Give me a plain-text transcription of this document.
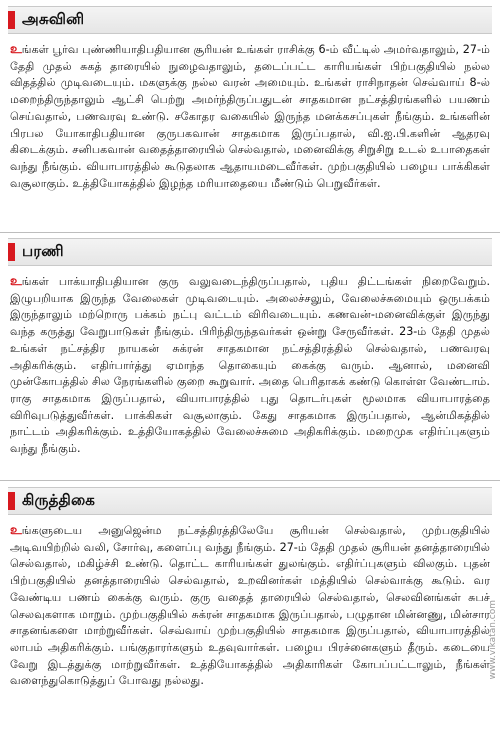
அசுவினி
உங்கள் பூர்வ புண்ணியாதிபதியான சூரியன் உங்கள் ராசிக்கு 6-ம் வீட்டில் அமர்வதாலும், 27-ம் தேதி முதல் சுகத் தாரையில் நுழைவதாலும், தடைப்பட்ட காரியங்கள் பிற்பகுதியில் நல்ல விதத்தில் முடிவடையும். மகளுக்கு நல்ல வரன் அமையும். உங்கள் ராசிநாதன் செவ்வாய் 8-ல் மறைந்திருந்தாலும் ஆட்சி பெற்று அமர்ந்திருப்பதுடன் சாதகமான நட்சத்திரங்களில் பயணம் செய்வதால், பணவரவு உண்டு. சகோதர வகையில் இருந்த மனக்கசப்புகள் நீங்கும். உங்களின் பிரபல யோகாதிபதியான குருபகவான் சாதகமாக இருப்பதால், வி.ஐ.பி.களின் ஆதரவு கிடைக்கும். சனிபகவான் வதைத்தாரையில் செல்வதால், மனைவிக்கு சிறுசிறு உடல் உபாதைகள் வந்து நீங்கும். வியாபாரத்தில் கூடுதலாக ஆதாயமடைவீர்கள். முற்பகுதியில் பழைய பாக்கிகள் வசூலாகும். உத்தியோகத்தில் இழந்த மரியாதையை மீண்டும் பெறுவீர்கள்.
பரணி
உங்கள் பாக்யாதிபதியான குரு வலுவடைந்திருப்பதால், புதிய திட்டங்கள் நிறைவேறும். இழுபறியாக இருந்த வேலைகள் முடிவடையும். அலைச்சலும், வேலைச்சுமையும் ஒருபக்கம் இருந்தாலும் மற்றொரு பக்கம் நட்பு வட்டம் விரிவடையும். கணவன்-மனைவிக்குள் இருந்து வந்த கருத்து வேறுபாடுகள் நீங்கும். பிரிந்திருந்தவர்கள் ஒன்று சேருவீர்கள். 23-ம் தேதி முதல் உங்கள் நட்சத்திர நாயகன் சுக்ரன் சாதகமான நட்சத்திரத்தில் செல்வதால், பணவரவு அதிகரிக்கும். எதிர்பார்த்து ஏமாந்த தொகையும் கைக்கு வரும். ஆனால், மனைவி முன்கோபத்தில் சில நேரங்களில் குறை கூறுவார். அதை பெரிதாகக் கண்டு கொள்ள வேண்டாம். ராகு சாதகமாக இருப்பதால், வியாபாரத்தில் புது தொடர்புகள் மூலமாக வியாபாரத்தை விரிவுபடுத்துவீர்கள். பாக்கிகள் வசூலாகும். கேது சாதகமாக இருப்பதால், ஆன்மிகத்தில் நாட்டம் அதிகரிக்கும். உத்தியோகத்தில் வேலைச்சுமை அதிகரிக்கும். மறைமுக எதிர்ப்புகளும் வந்து நீங்கும்.
கிருத்திகை
உங்களுடைய அனுஜென்ம நட்சத்திரத்திலேயே சூரியன் செல்வதால், முற்பகுதியில் அடிவயிற்றில் வலி, சோர்வு, களைப்பு வந்து நீங்கும். 27-ம் தேதி முதல் சூரியன் தனத்தாரையில் செல்வதால், மகிழ்ச்சி உண்டு. தொட்ட காரியங்கள் துலங்கும். எதிர்ப்புகளும் விலகும். புதன் பிற்பகுதியில் தனத்தாரையில் செல்வதால், உறவினர்கள் மத்தியில் செல்வாக்கு கூடும். வர வேண்டிய பணம் கைக்கு வரும். குரு வதைத் தாரையில் செல்வதால், செலவினங்கள் சுபச் செலவுகளாக மாறும். முற்பகுதியில் சுக்ரன் சாதகமாக இருப்பதால், பழுதான மின்னணு, மின்சார சாதனங்களை மாற்றுவீர்கள். செவ்வாய் முற்பகுதியில் சாதகமாக இருப்பதால், வியாபாரத்தில் லாபம் அதிகரிக்கும். பங்குதாரர்களும் உதவுவார்கள். பழைய பிரச்னைகளும் தீரும். கடையை வேறு இடத்துக்கு மாற்றுவீர்கள். உத்தியோகத்தில் அதிகாரிகள் கோபப்பட்டாலும், நீங்கள் வளைந்துகொடுத்துப் போவது நல்லது.
www.vikatan.com
